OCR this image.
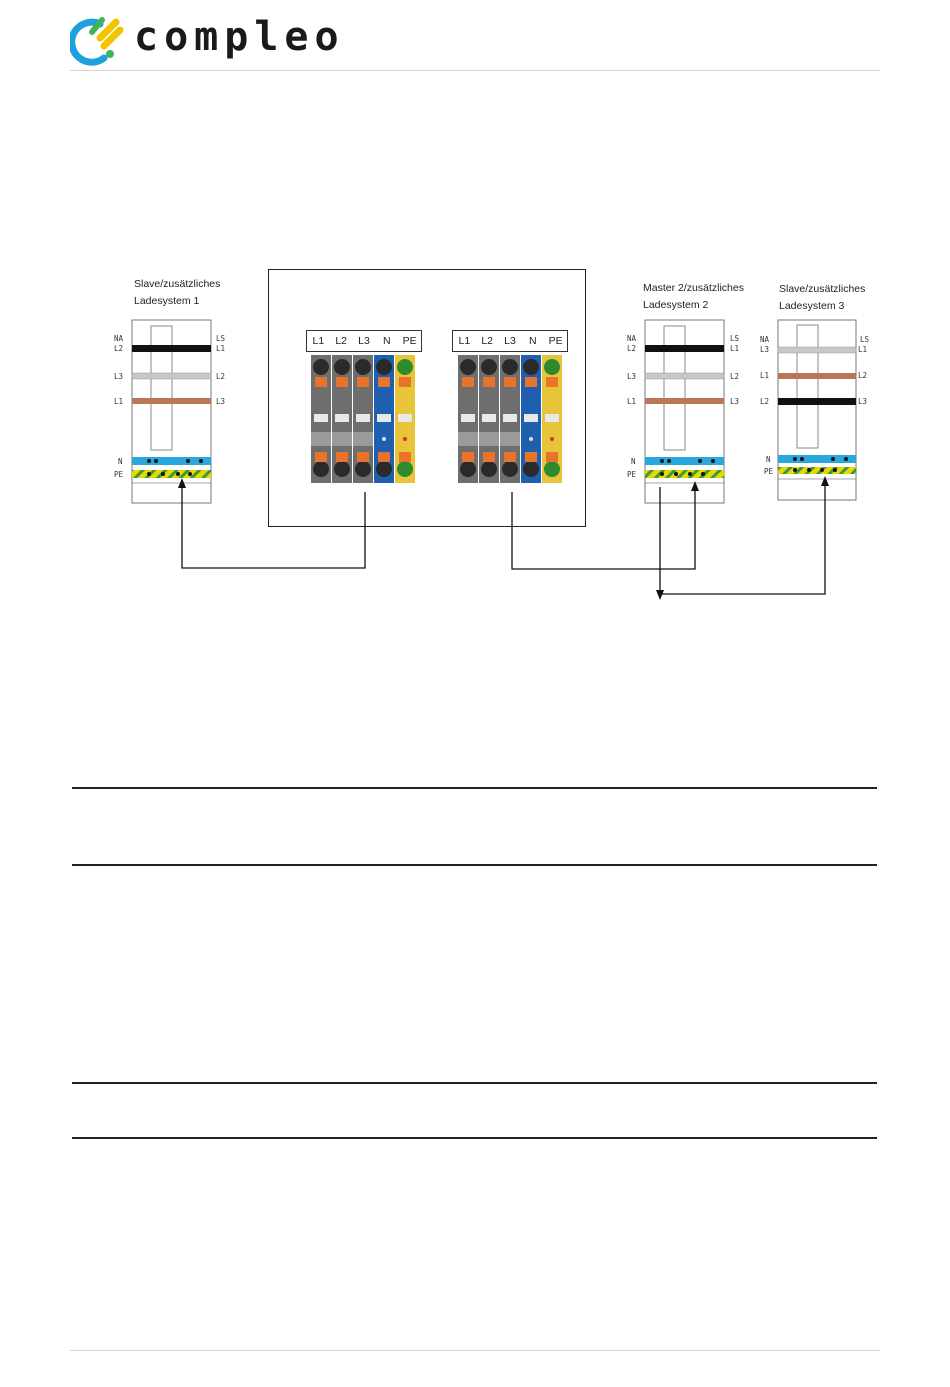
compleo
Slave/zusätzliches
Ladesystem 1
Master 2/zusätzliches
Ladesystem 2
Slave/zusätzliches
Ladesystem 3
L1	L2	L3	N	PE	L1	L2	L3	N	PE
NA
L2
L3
L1
N
PE
LS
L1
L2
L3
NA
L2
L3
L1
N
PE
LS
L1
L2
L3
NA
L3
L1
L2
N
PE
LS
L1
L2
L3
